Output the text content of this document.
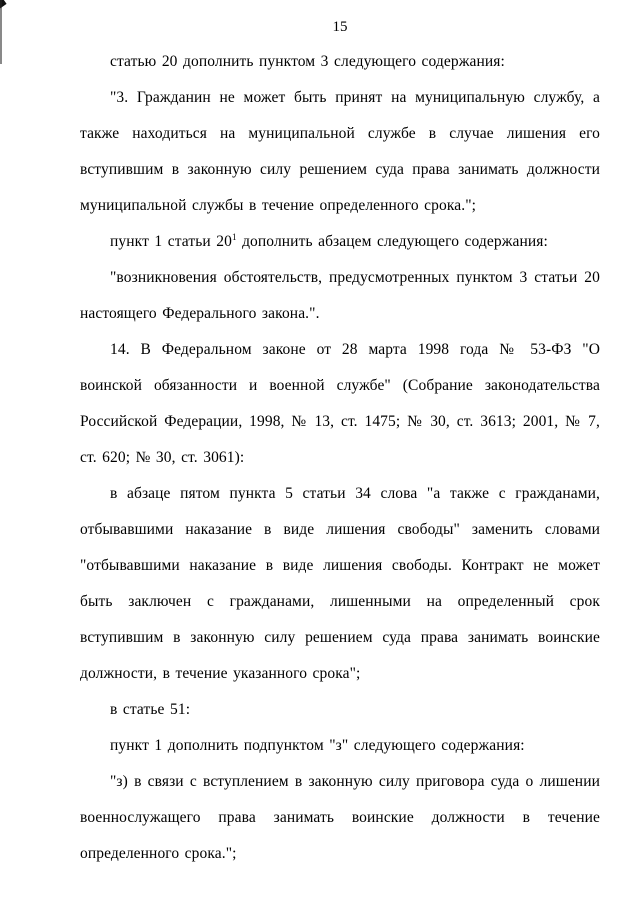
15

статью 20 дополнить пунктом 3 следующего содержания:

"3. Гражданин не может быть принят на муниципальную службу, а также находиться на муниципальной службе в случае лишения его вступившим в законную силу решением суда права занимать должности муниципальной службы в течение определенного срока.";

пункт 1 статьи $20^1$ дополнить абзацем следующего содержания:

"возникновения обстоятельств, предусмотренных пунктом 3 статьи 20 настоящего Федерального закона.".

14. В Федеральном законе от 28 марта 1998 года № 53-ФЗ "О воинской обязанности и военной службе" (Собрание законодательства Российской Федерации, 1998, № 13, ст. 1475; № 30, ст. 3613; 2001, № 7, ст. 620; № 30, ст. 3061):

в абзаце пятом пункта 5 статьи 34 слова "а также с гражданами, отбывавшими наказание в виде лишения свободы" заменить словами "отбывавшими наказание в виде лишения свободы. Контракт не может быть заключен с гражданами, лишенными на определенный срок вступившим в законную силу решением суда права занимать воинские должности, в течение указанного срока";

в статье 51:

пункт 1 дополнить подпунктом "з" следующего содержания:

"з) в связи с вступлением в законную силу приговора суда о лишении военнослужащего права занимать воинские должности в течение определенного срока.";
